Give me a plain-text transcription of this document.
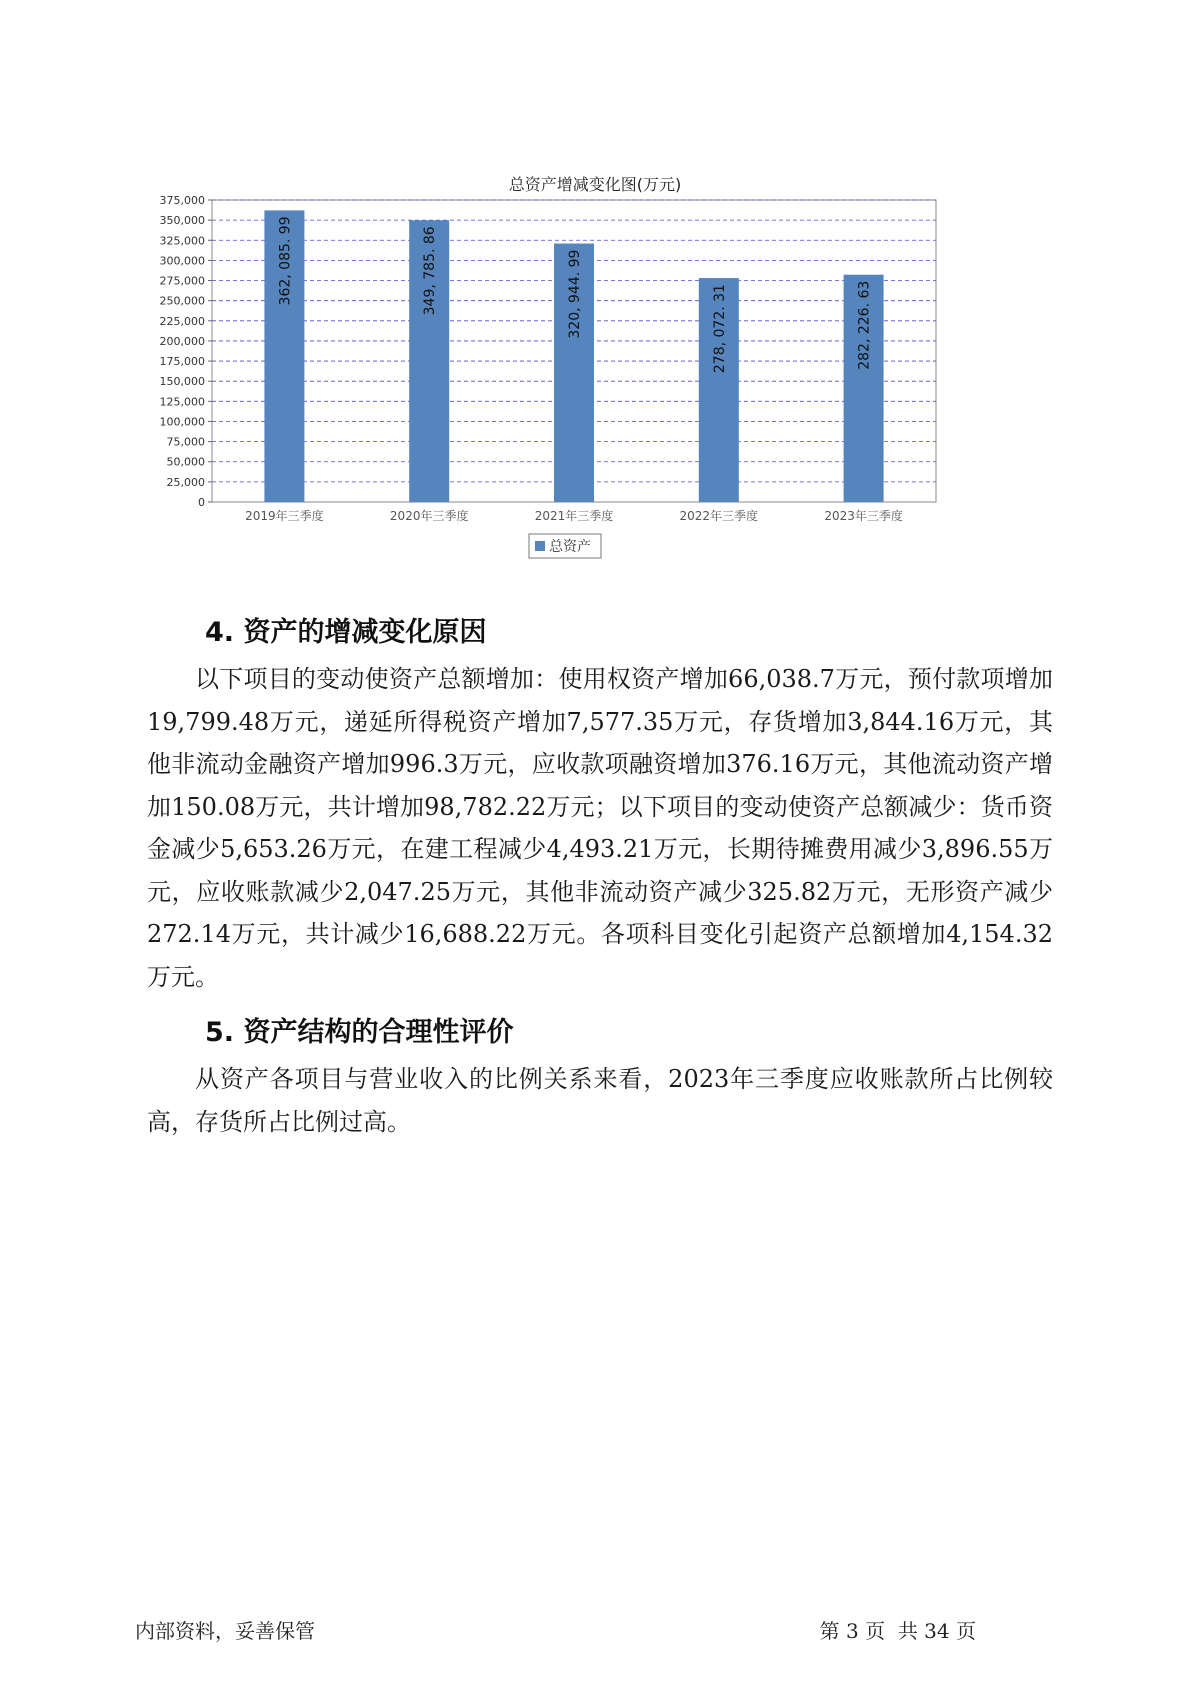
总资产增减变化图(万元)
0
25,000
50,000
75,000
100,000
125,000
150,000
175,000
200,000
225,000
250,000
275,000
300,000
325,000
350,000
375,000
362, 085. 99
2019年三季度
349, 785. 86
2020年三季度
320, 944. 99
2021年三季度
278, 072. 31
2022年三季度
282, 226. 63
2023年三季度
总资产
4. 资产的增减变化原因

以下项目的变动使资产总额增加：使用权资产增加66,038.7万元，预付款项增加19,799.48万元，递延所得税资产增加7,577.35万元，存货增加3,844.16万元，其他非流动金融资产增加996.3万元，应收款项融资增加376.16万元，其他流动资产增加150.08万元，共计增加98,782.22万元；以下项目的变动使资产总额减少：货币资金减少5,653.26万元，在建工程减少4,493.21万元，长期待摊费用减少3,896.55万元，应收账款减少2,047.25万元，其他非流动资产减少325.82万元，无形资产减少272.14万元，共计减少16,688.22万元。各项科目变化引起资产总额增加4,154.32万元。

5. 资产结构的合理性评价

从资产各项目与营业收入的比例关系来看，2023年三季度应收账款所占比例较高，存货所占比例过高。

内部资料，妥善保管	第 3 页  共 34 页
